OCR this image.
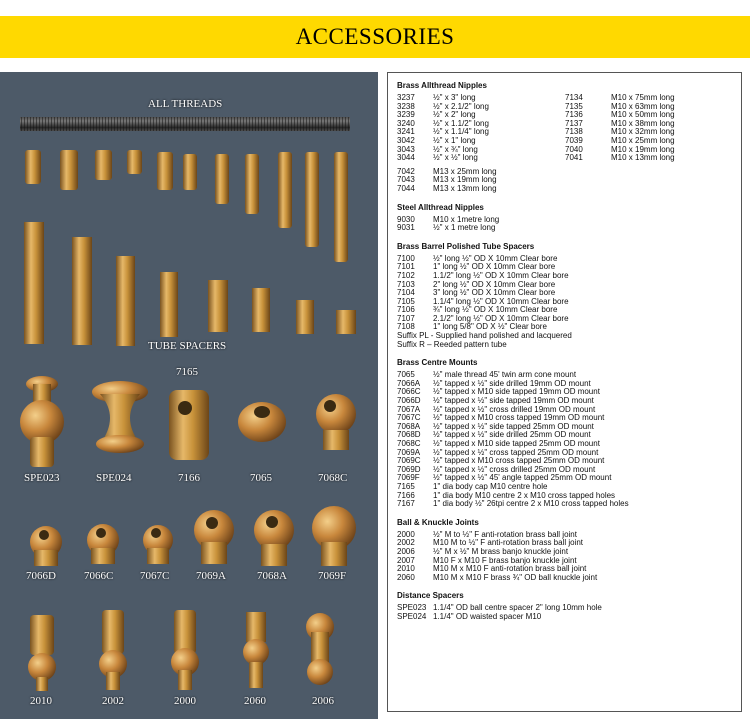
ACCESSORIES
ALL THREADS
TUBE SPACERS
7165
SPE023	SPE024	7166	7065	7068C
7066D	7066C 7067C 7069A	7068A	7069F
2010	2002	2000	2060	2006
Brass Allthread Nipples
3237	½" x 3" long
3238	½" x 2.1/2" long
3239	½" x 2" long
3240	½" x 1.1/2" long
3241	½" x 1.1/4" long
3042	½" x 1" long
3043	½" x ¾" long
3044	½" x ½" long
7134	M10 x 75mm long
7135	M10 x 63mm long
7136	M10 x 50mm long
7137	M10 x 38mm long
7138	M10 x 32mm long
7039	M10 x 25mm long
7040	M10 x 19mm long
7041	M10 x 13mm long
7042	M13 x 25mm long
7043	M13 x 19mm long
7044	M13 x 13mm long
Steel Allthread Nipples
9030	M10 x 1metre long
9031	½" x 1 metre long
Brass Barrel Polished Tube Spacers
7100	½" long ½" OD X 10mm Clear bore
7101	1" long ½" OD X 10mm Clear bore
7102	1.1/2" long ½" OD X 10mm Clear bore
7103	2" long ½" OD X 10mm Clear bore
7104	3" long ½" OD X 10mm Clear bore
7105	1.1/4" long ½" OD X 10mm Clear bore
7106	¾" long ½" OD X 10mm Clear bore
7107	2.1/2" long ½" OD X 10mm Clear bore
7108	1" long 5/8" OD X ½" Clear bore
Suffix PL - Supplied hand polished and lacquered
Suffix R – Reeded pattern tube
Brass Centre Mounts
7065	½" male thread 45' twin arm cone mount
7066A	½" tapped x ½" side drilled 19mm OD mount
7066C	½" tapped x M10 side tapped 19mm OD mount
7066D	½" tapped x ½" side tapped 19mm OD mount
7067A	½" tapped x ½" cross drilled 19mm OD mount
7067C	½" tapped x M10 cross tapped 19mm OD mount
7068A	½" tapped x ½" side tapped 25mm OD mount
7068D	½" tapped x ½" side drilled 25mm OD mount
7068C	½" tapped x M10 side tapped 25mm OD mount
7069A	½" tapped x ½" cross tapped 25mm OD mount
7069C	½" tapped x M10 cross tapped 25mm OD mount
7069D	½" tapped x ½" cross drilled 25mm OD mount
7069F	½" tapped x ½" 45' angle tapped 25mm OD mount
7165	1" dia body cap M10 centre hole
7166	1" dia body M10 centre 2 x M10 cross tapped holes
7167	1" dia body ½" 26tpi centre 2 x M10 cross tapped holes
Ball & Knuckle Joints
2000	½" M to ½" F anti-rotation brass ball joint
2002	M10 M to ½" F anti-rotation brass ball joint
2006	½" M x ½" M brass banjo knuckle joint
2007	M10 F x M10 F brass banjo knuckle joint
2010	M10 M x M10 F anti-rotation brass ball joint
2060	M10 M x M10 F brass ¾" OD ball knuckle joint
Distance Spacers
SPE023 1.1/4" OD ball centre spacer 2" long 10mm hole
SPE024 1.1/4" OD waisted spacer M10
